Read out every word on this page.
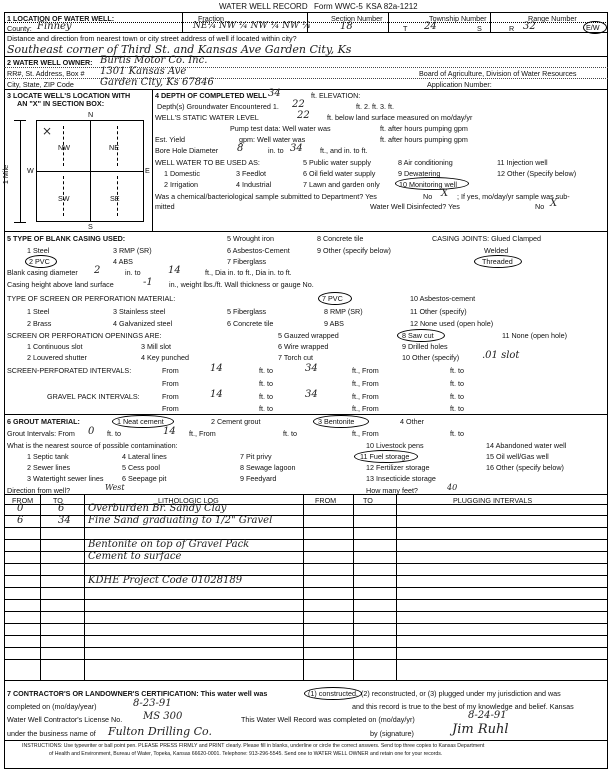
WATER WELL RECORD Form WWC-5 KSA 82a-1212
1 LOCATION OF WATER WELL:	Fraction	Section Number	Township Number	Range Number
County: Finney	NE¼ NW ¼ NW ¼ NW ¼	18	T 24	S	R 32	E/W
Distance and direction from nearest town or city street address of well if located within city?
Southeast corner of Third St. and Kansas Ave Garden City, Ks
2 WATER WELL OWNER: Burtis Motor Co. Inc.
RR#, St. Address, Box # 1301 Kansas Ave	Board of Agriculture, Division of Water Resources
City, State, ZIP Code	Garden City, Ks 67846	Application Number:
3 LOCATE WELL'S LOCATION WITH
AN "X" IN SECTION BOX:
N
S
W	E
1 Mile
NW	NE
SW	SE
×
4 DEPTH OF COMPLETED WELL 34	ft. ELEVATION:
Depth(s) Groundwater Encountered 1. 22	ft. 2. ft. 3. ft.
WELL'S STATIC WATER LEVEL	22 ft. below land surface measured on mo/day/yr
Pump test data: Well water was	ft. after hours pumping gpm
Est. Yield	gpm: Well water was	ft. after hours pumping gpm
Bore Hole Diameter 8	in. to 34 ft., and in. to ft.
WELL WATER TO BE USED AS:	5 Public water supply	8 Air conditioning	11 Injection well
1 Domestic	3 Feedlot	6 Oil field water supply	9 Dewatering	12 Other (Specify below)
2 Irrigation	4 Industrial	7 Lawn and garden only	10 Monitoring well
Was a chemical/bacteriological sample submitted to Department? Yes	No X ; If yes, mo/day/yr sample was sub-
mitted	Water Well Disinfected? Yes	No X
5 TYPE OF BLANK CASING USED:	5 Wrought iron	8 Concrete tile	CASING JOINTS: Glued Clamped
1 Steel	3 RMP (SR)	6 Asbestos-Cement	9 Other (specify below)	Welded
2 PVC	4 ABS	7 Fiberglass	Threaded
Blank casing diameter 2	in. to	14	ft., Dia in. to ft., Dia in. to ft.
Casing height above land surface	-1 in., weight lbs./ft. Wall thickness or gauge No.
TYPE OF SCREEN OR PERFORATION MATERIAL:	7 PVC	10 Asbestos-cement
1 Steel	3 Stainless steel	5 Fiberglass	8 RMP (SR)	11 Other (specify)
2 Brass	4 Galvanized steel	6 Concrete tile	9 ABS	12 None used (open hole)
SCREEN OR PERFORATION OPENINGS ARE:	5 Gauzed wrapped	8 Saw cut	11 None (open hole)
1 Continuous slot	3 Mill slot	6 Wire wrapped	9 Drilled holes
2 Louvered shutter	4 Key punched	7 Torch cut	10 Other (specify) .01 slot
SCREEN-PERFORATED INTERVALS:	From	14	ft. to	34	ft., From	ft. to
From	ft. to	ft., From	ft. to
GRAVEL PACK INTERVALS:	From	14	ft. to	34	ft., From	ft. to
From	ft. to	ft., From	ft. to
6 GROUT MATERIAL:	1 Neat cement	2 Cement grout	3 Bentonite	4 Other
Grout Intervals: From 0 ft. to	14 ft., From	ft. to	ft., From	ft. to
What is the nearest source of possible contamination:	10 Livestock pens	14 Abandoned water well
1 Septic tank	4 Lateral lines	7 Pit privy	11 Fuel storage	15 Oil well/Gas well
2 Sewer lines	5 Cess pool	8 Sewage lagoon	12 Fertilizer storage	16 Other (specify below)
3 Watertight sewer lines	6 Seepage pit	9 Feedyard	13 Insecticide storage
Direction from well?	West	How many feet?	40
FROM	TO	LITHOLOGIC LOG	FROM	TO	PLUGGING INTERVALS
0	6 Overburden Br. Sandy Clay
6	34 Fine Sand graduating to 1/2" Gravel
Bentonite on top of Gravel Pack
Cement to surface
KDHE Project Code 01028189
7 CONTRACTOR'S OR LANDOWNER'S CERTIFICATION: This water well was	(1) constructed, (2) reconstructed, or (3) plugged under my jurisdiction and was
completed on (mo/day/year)	8-23-91	and this record is true to the best of my knowledge and belief. Kansas
Water Well Contractor's License No. MS 300	This Water Well Record was completed on (mo/day/yr)	8-24-91
under the business name of Fulton Drilling Co.	by (signature)	Jim Ruhl
INSTRUCTIONS: Use typewriter or ball point pen. PLEASE PRESS FIRMLY and PRINT clearly. Please fill in blanks, underline or circle the correct answers. Send top three copies to Kansas Department
of Health and Environment, Bureau of Water, Topeka, Kansas 66620-0001. Telephone: 913-296-5545. Send one to WATER WELL OWNER and retain one for your records.
